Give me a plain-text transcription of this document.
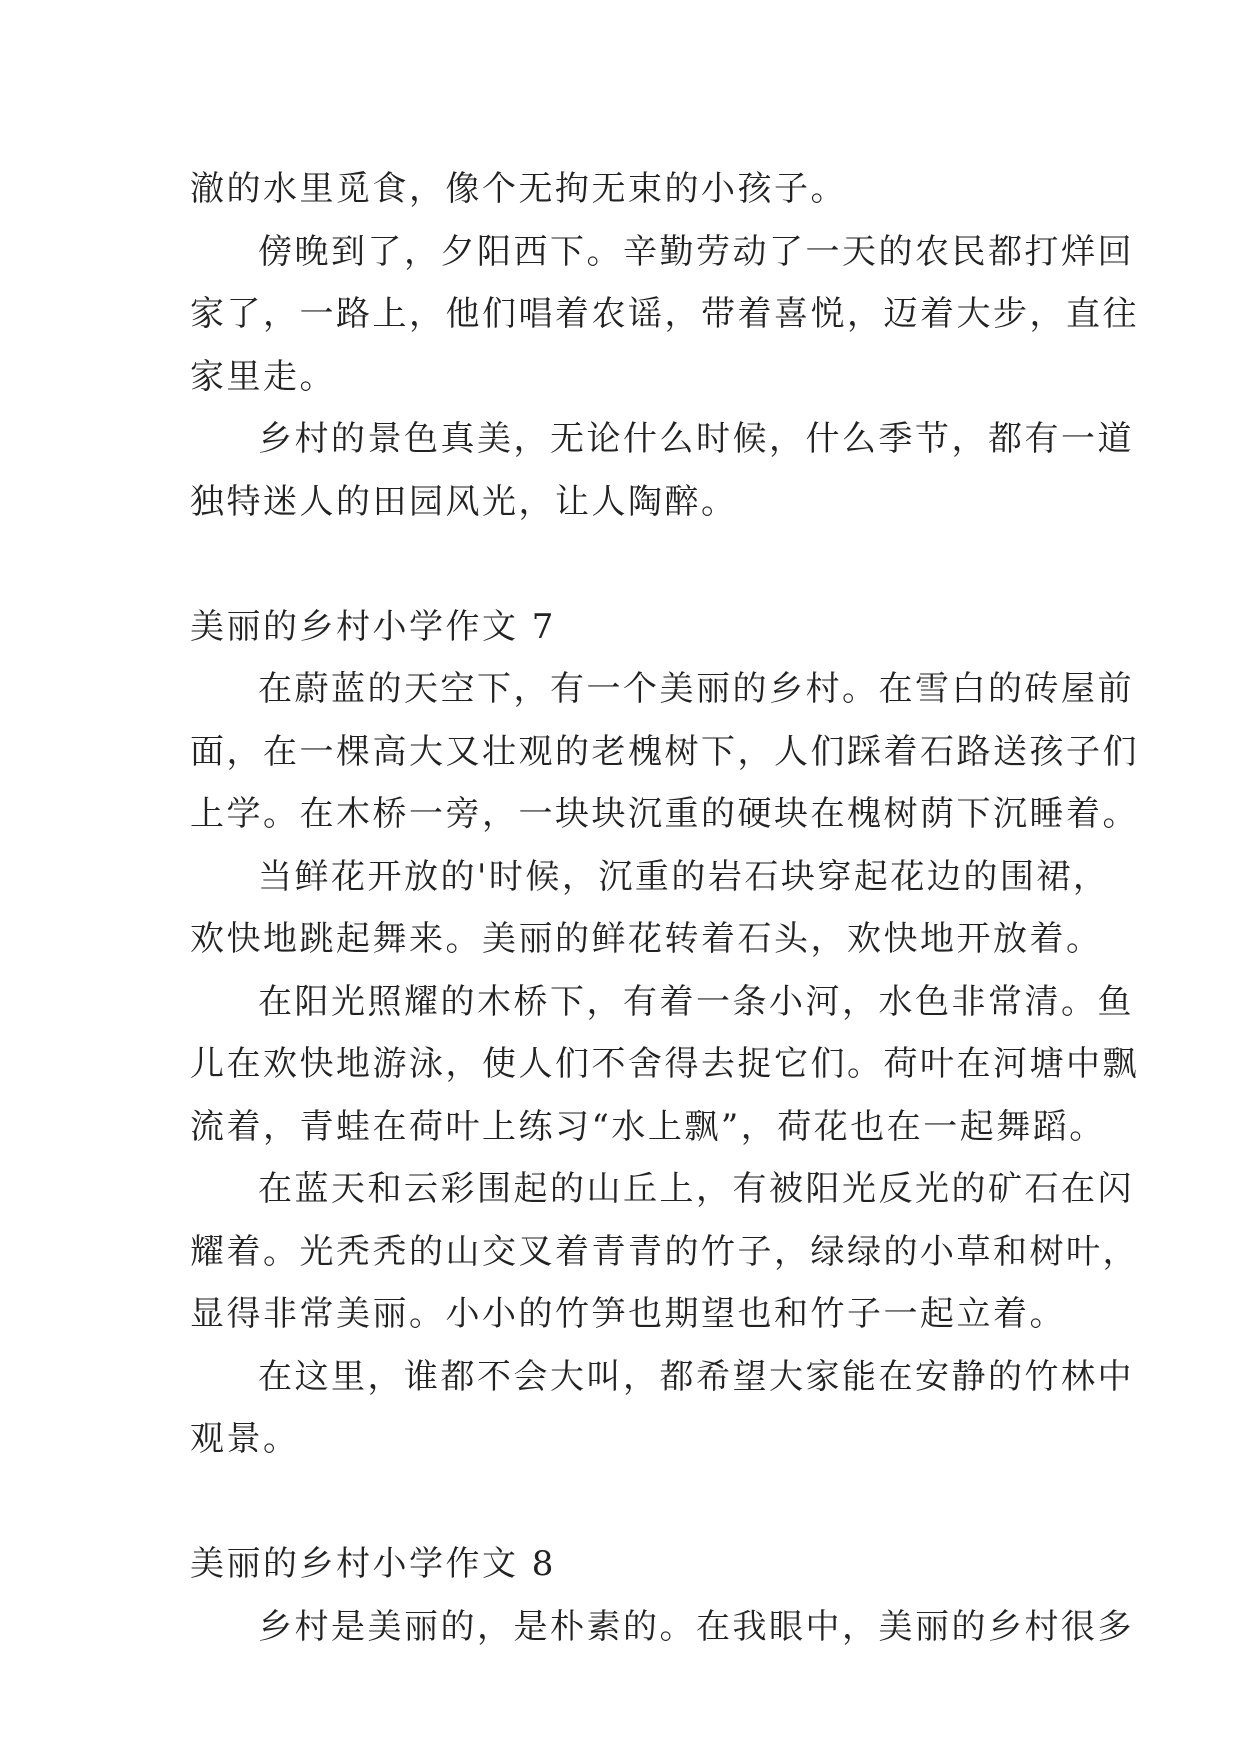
澈的水里觅食，像个无拘无束的小孩子。
傍晚到了，夕阳西下。辛勤劳动了一天的农民都打烊回
家了，一路上，他们唱着农谣，带着喜悦，迈着大步，直往
家里走。
乡村的景色真美，无论什么时候，什么季节，都有一道
独特迷人的田园风光，让人陶醉。
美丽的乡村小学作文 7
在蔚蓝的天空下，有一个美丽的乡村。在雪白的砖屋前
面，在一棵高大又壮观的老槐树下，人们踩着石路送孩子们
上学。在木桥一旁，一块块沉重的硬块在槐树荫下沉睡着。
当鲜花开放的'时候，沉重的岩石块穿起花边的围裙，
欢快地跳起舞来。美丽的鲜花转着石头，欢快地开放着。
在阳光照耀的木桥下，有着一条小河，水色非常清。鱼
儿在欢快地游泳，使人们不舍得去捉它们。荷叶在河塘中飘
流着，青蛙在荷叶上练习“水上飘”，荷花也在一起舞蹈。
在蓝天和云彩围起的山丘上，有被阳光反光的矿石在闪
耀着。光秃秃的山交叉着青青的竹子，绿绿的小草和树叶，
显得非常美丽。小小的竹笋也期望也和竹子一起立着。
在这里，谁都不会大叫，都希望大家能在安静的竹林中
观景。
美丽的乡村小学作文 8
乡村是美丽的，是朴素的。在我眼中，美丽的乡村很多
